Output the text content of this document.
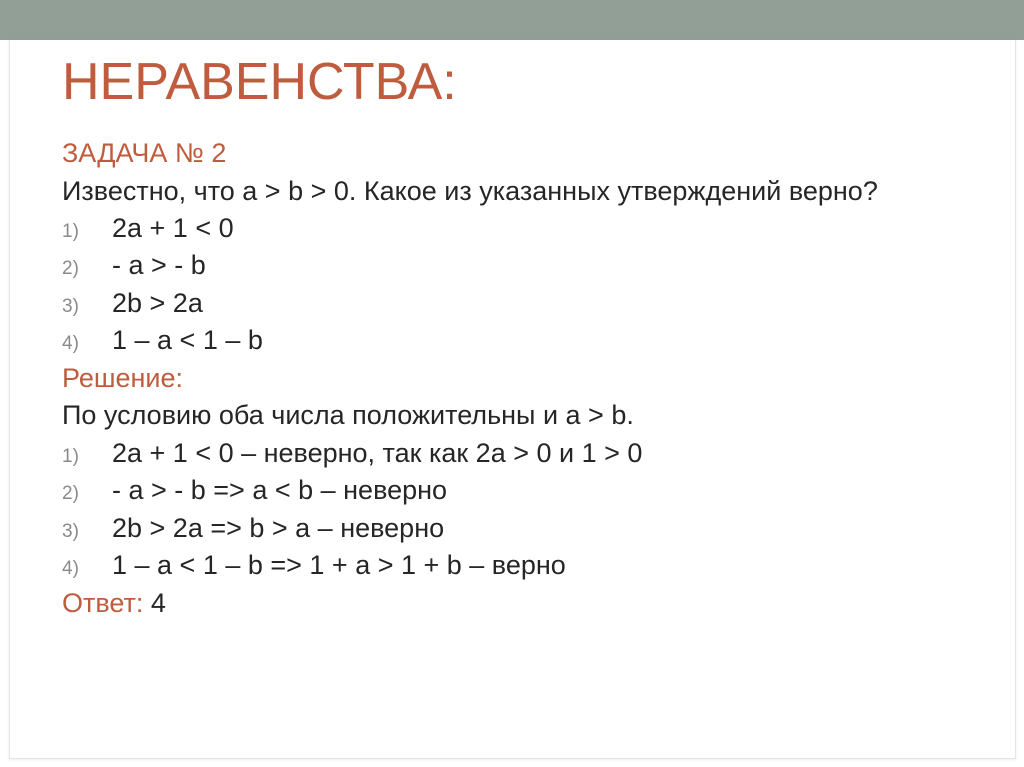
НЕРАВЕНСТВА:
ЗАДАЧА № 2
Известно, что a > b > 0. Какое из указанных утверждений верно?
1) 2a + 1 < 0
2) - a > - b
3) 2b > 2a
4) 1 – a < 1 – b
Решение:
По условию оба числа положительны и a > b.
1) 2a + 1 < 0 – неверно, так как 2a > 0 и 1 > 0
2) - a > - b => a < b – неверно
3) 2b > 2a => b > a – неверно
4) 1 – a < 1 – b => 1 + a > 1 + b – верно
Ответ: 4
